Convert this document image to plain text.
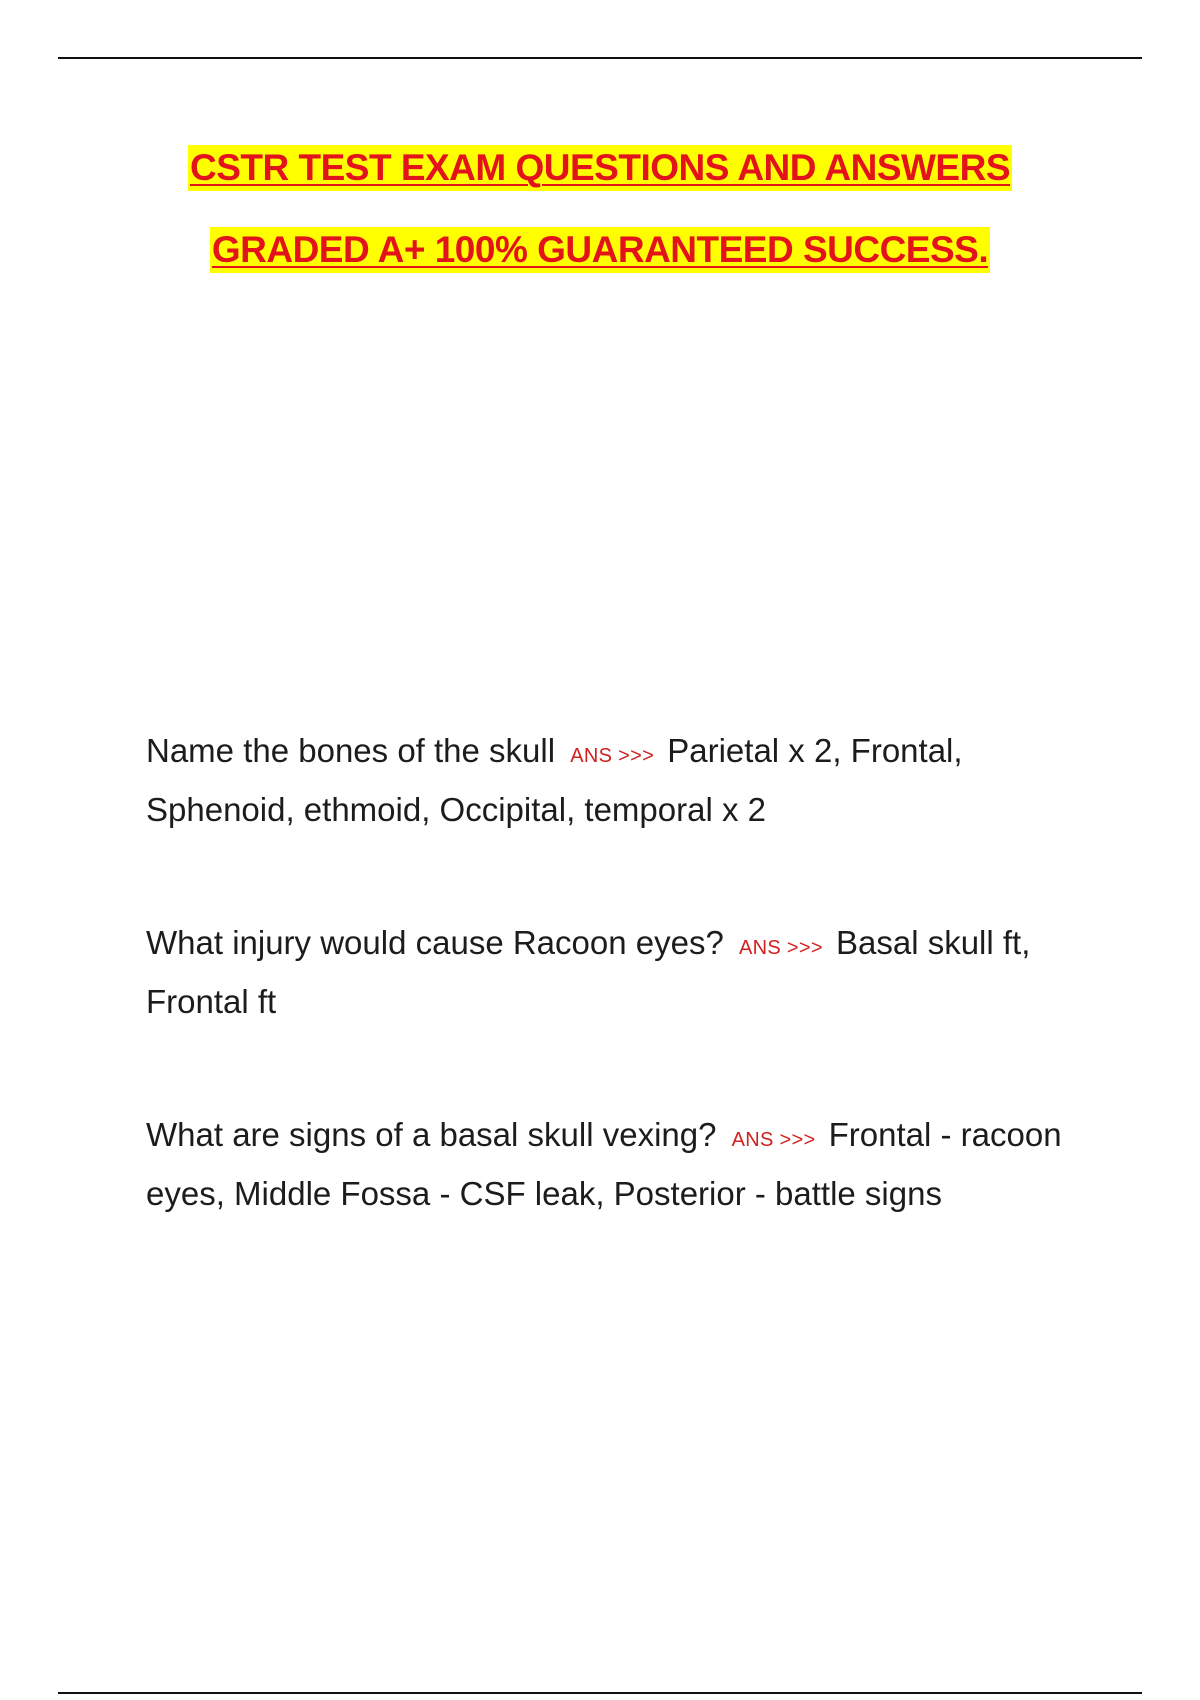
CSTR TEST EXAM QUESTIONS AND ANSWERS
GRADED A+ 100% GUARANTEED SUCCESS.
Name the bones of the skull ANS >>> Parietal x 2, Frontal, Sphenoid, ethmoid, Occipital, temporal x 2
What injury would cause Racoon eyes? ANS >>> Basal skull ft, Frontal ft
What are signs of a basal skull vexing? ANS >>> Frontal - racoon eyes, Middle Fossa - CSF leak, Posterior - battle signs
